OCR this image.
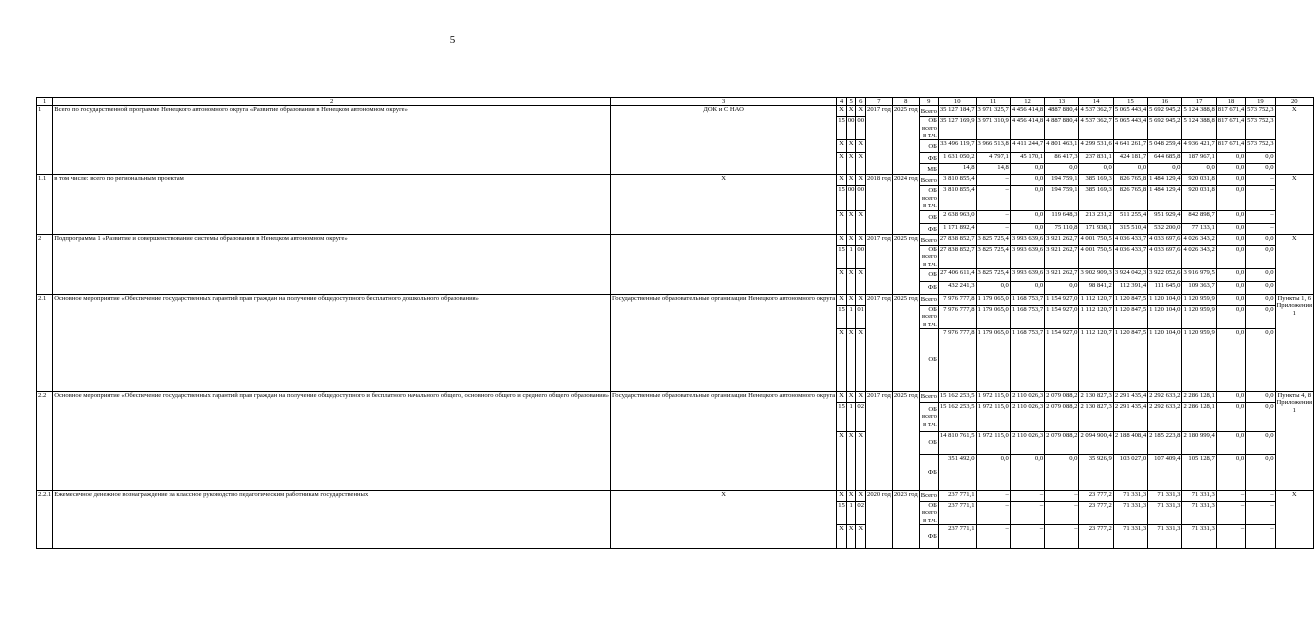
5
1	2	3	4	5	6	7	8	9	10	11	12	13	14	15	16	17	18	19	20
1	Всего по государственной программе Ненецкого автономного округа «Развитие образования в Ненецком автономном округе»	ДОК и С НАО	X	X	X	2017 год	2025 год	Всего	35 127 184,7	3 971 325,7	4 456 414,8	4887 880,4	4 537 362,7	5 065 443,4	5 692 945,2	5 124 388,8	817 671,4	573 752,3	X
			15	00	00			ОБ всего в т.ч.	35 127 169,9	3 971 310,9	4 456 414,8	4 887 880,4	4 537 362,7	5 065 443,4	5 692 945,2	5 124 388,8	817 671,4	573 752,3	
			X	X	X			ОБ	33 496 119,7	3 966 513,8	4 411 244,7	4 801 463,1	4 299 531,6	4 641 261,7	5 048 259,4	4 936 421,7	817 671,4	573 752,3	
			X	X	X			ФБ	1 631 050,2	4 797,1	45 170,1	86 417,3	237 831,1	424 181,7	644 685,8	187 967,1	0,0	0,0	
								МБ	14,8	14,8	0,0	0,0	0,0	0,0	0,0	0,0	0,0	0,0	
1.1	в том числе: всего по региональным проектам	X	X	X	X	2018 год	2024 год	Всего	3 810 855,4	–	0,0	194 759,1	385 169,3	826 765,8	1 484 129,4	920 031,8	0,0	–	X
			15	00	00			ОБ всего в т.ч.	3 810 855,4	–	0,0	194 759,1	385 169,3	826 765,8	1 484 129,4	920 031,8	0,0	–	
			X	X	X			ОБ	2 638 963,0	–	0,0	119 648,3	213 231,2	511 255,4	951 929,4	842 898,7	0,0	–	
								ФБ	1 171 892,4	–	0,0	75 110,8	171 938,1	315 510,4	532 200,0	77 133,1	0,0	–	
2	Подпрограмма 1 «Развитие и совершенствование системы образования в Ненецком автономном округе»		X	X	X	2017 год	2025 год	Всего	27 838 852,7	3 825 725,4	3 993 639,6	3 921 262,7	4 001 750,5	4 036 433,7	4 033 697,6	4 026 343,2	0,0	0,0	X
			15	1	00			ОБ всего в т.ч.	27 838 852,7	3 825 725,4	3 993 639,6	3 921 262,7	4 001 750,5	4 036 433,7	4 033 697,6	4 026 343,2	0,0	0,0	
			X	X	X			ОБ	27 406 611,4	3 825 725,4	3 993 639,6	3 921 262,7	3 902 909,3	3 924 042,3	3 922 052,6	3 916 979,5	0,0	0,0	
								ФБ	432 241,3	0,0	0,0	0,0	98 841,2	112 391,4	111 645,0	109 363,7	0,0	0,0	
2.1	Основное мероприятие «Обеспечение государственных гарантий прав граждан на получение общедоступного бесплатного дошкольного образования»	Государственные образовательные организации Ненецкого автономного округа	X	X	X	2017 год	2025 год	Всего	7 976 777,8	1 179 065,0	1 168 753,7	1 154 927,0	1 112 120,7	1 120 847,5	1 120 104,0	1 120 959,9	0,0	0,0	Пункты 1, 6 Приложения 1
			15	1	01			ОБ всего в т.ч.	7 976 777,8	1 179 065,0	1 168 753,7	1 154 927,0	1 112 120,7	1 120 847,5	1 120 104,0	1 120 959,9	0,0	0,0	
			X	X	X			ОБ	7 976 777,8	1 179 065,0	1 168 753,7	1 154 927,0	1 112 120,7	1 120 847,5	1 120 104,0	1 120 959,9	0,0	0,0	
2.2	Основное мероприятие «Обеспечение государственных гарантий прав граждан на получение общедоступного и бесплатного начального общего, основного общего и среднего общего образования»	Государственные образовательные организации Ненецкого автономного округа	X	X	X	2017 год	2025 год	Всего	15 162 253,5	1 972 115,0	2 110 026,3	2 079 088,2	2 130 827,3	2 291 435,4	2 292 633,2	2 286 128,1	0,0	0,0	Пункты 4, 8 Приложения 1
			15	1	02			ОБ всего в т.ч.	15 162 253,5	1 972 115,0	2 110 026,3	2 079 088,2	2 130 827,3	2 291 435,4	2 292 633,2	2 286 128,1	0,0	0,0	
			X	X	X			ОБ	14 810 761,5	1 972 115,0	2 110 026,3	2 079 088,2	2 094 900,4	2 188 408,4	2 185 223,8	2 180 999,4	0,0	0,0	
								ФБ	351 492,0	0,0	0,0	0,0	35 926,9	103 027,0	107 409,4	105 128,7	0,0	0,0	
2.2.1	Ежемесячное денежное вознаграждение за классное руководство педагогическим работникам государственных	X	X	X	X	2020 год	2023 год	Всего	237 771,1	–	–	–	23 777,2	71 331,3	71 331,3	71 331,3	–	–	X
			15	1	02			ОБ всего в т.ч.	237 771,1	–	–	–	23 777,2	71 331,3	71 331,3	71 331,3	–	–	
			X	X	X			ФБ	237 771,1	–	–	–	23 777,2	71 331,3	71 331,3	71 331,3	–	–	
